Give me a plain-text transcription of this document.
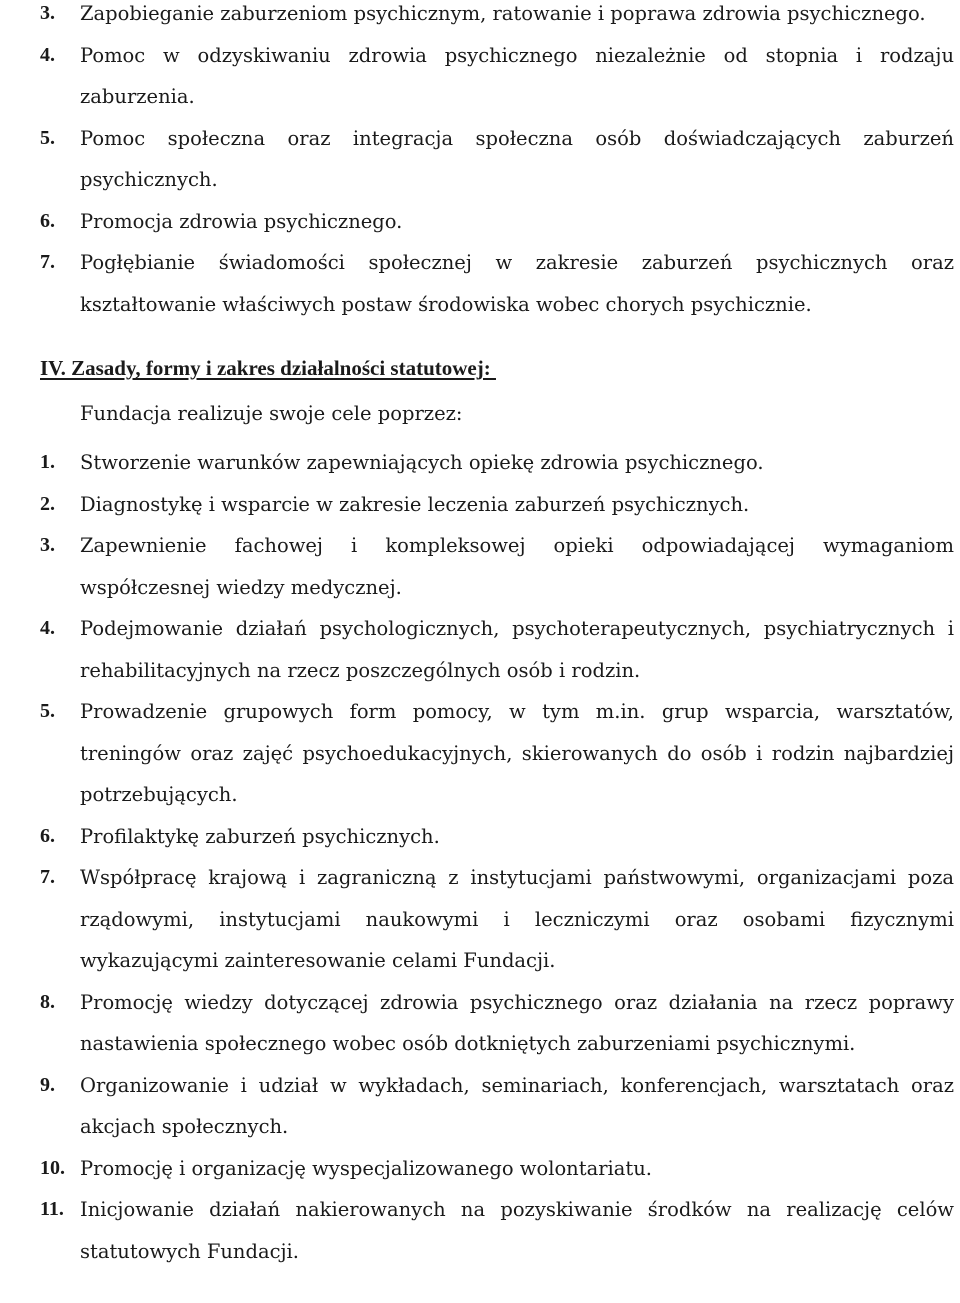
3.	Zapobieganie zaburzeniom psychicznym, ratowanie i poprawa zdrowia psychicznego.
4.	Pomoc w odzyskiwaniu zdrowia psychicznego niezależnie od stopnia i rodzaju zaburzenia.
5.	Pomoc społeczna oraz integracja społeczna osób doświadczających zaburzeń psychicznych.
6.	Promocja zdrowia psychicznego.
7.	Pogłębianie świadomości społecznej w zakresie zaburzeń psychicznych oraz kształtowanie właściwych postaw środowiska wobec chorych psychicznie.
IV. Zasady, formy i zakres działalności statutowej:

Fundacja realizuje swoje cele poprzez:

1.	Stworzenie warunków zapewniających opiekę zdrowia psychicznego.
2.	Diagnostykę i wsparcie w zakresie leczenia zaburzeń psychicznych.
3.	Zapewnienie fachowej i kompleksowej opieki odpowiadającej wymaganiom współczesnej wiedzy medycznej.
4.	Podejmowanie działań psychologicznych, psychoterapeutycznych, psychiatrycznych i rehabilitacyjnych na rzecz poszczególnych osób i rodzin.
5.	Prowadzenie grupowych form pomocy, w tym m.in. grup wsparcia, warsztatów, treningów oraz zajęć psychoedukacyjnych, skierowanych do osób i rodzin najbardziej potrzebujących.
6.	Profilaktykę zaburzeń psychicznych.
7.	Współpracę krajową i zagraniczną z instytucjami państwowymi, organizacjami poza rządowymi, instytucjami naukowymi i leczniczymi oraz osobami fizycznymi wykazującymi zainteresowanie celami Fundacji.
8.	Promocję wiedzy dotyczącej zdrowia psychicznego oraz działania na rzecz poprawy nastawienia społecznego wobec osób dotkniętych zaburzeniami psychicznymi.
9.	Organizowanie i udział w wykładach, seminariach, konferencjach, warsztatach oraz akcjach społecznych.
10. Promocję i organizację wyspecjalizowanego wolontariatu.
11. Inicjowanie działań nakierowanych na pozyskiwanie środków na realizację celów statutowych Fundacji.
